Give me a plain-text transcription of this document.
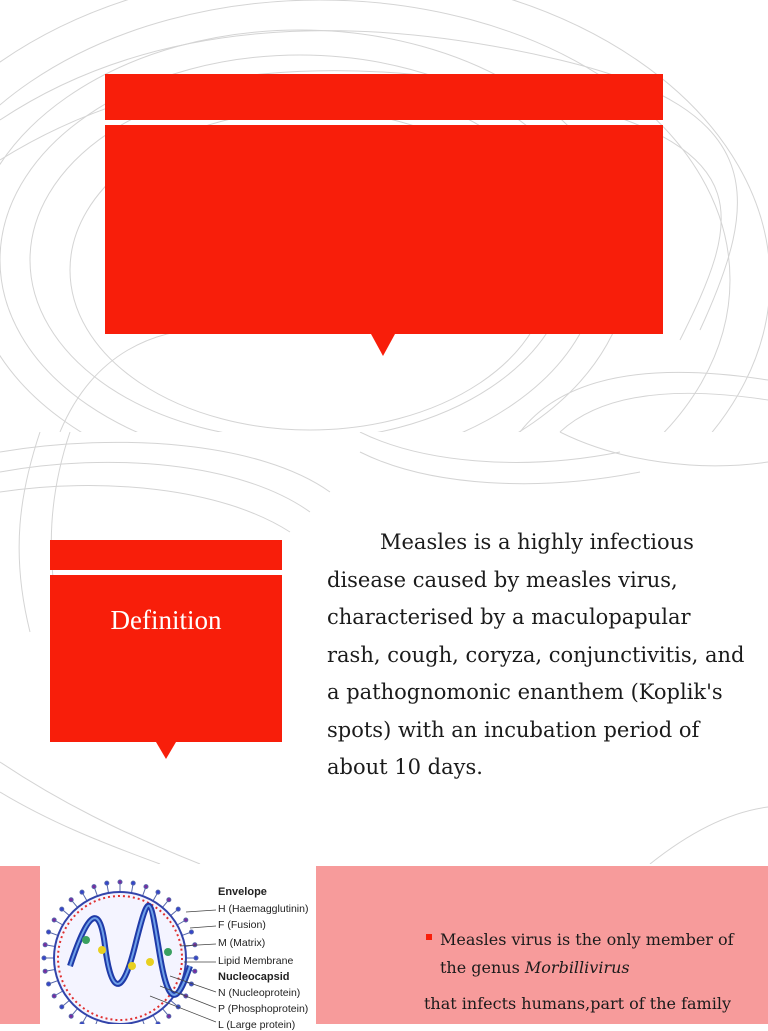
Definition
Measles is a highly infectious disease caused by measles virus, characterised by a maculopapular rash, cough, coryza, conjunctivitis, and a pathognomonic enanthem (Koplik's spots) with an incubation period of about 10 days.
Envelope
H (Haemagglutinin)
F (Fusion)
M (Matrix)
Lipid Membrane
Nucleocapsid
N (Nucleoprotein)
P (Phosphoprotein)
L (Large protein)
Measles virus is the only member of
the genus Morbillivirus
that infects humans,part of the family
